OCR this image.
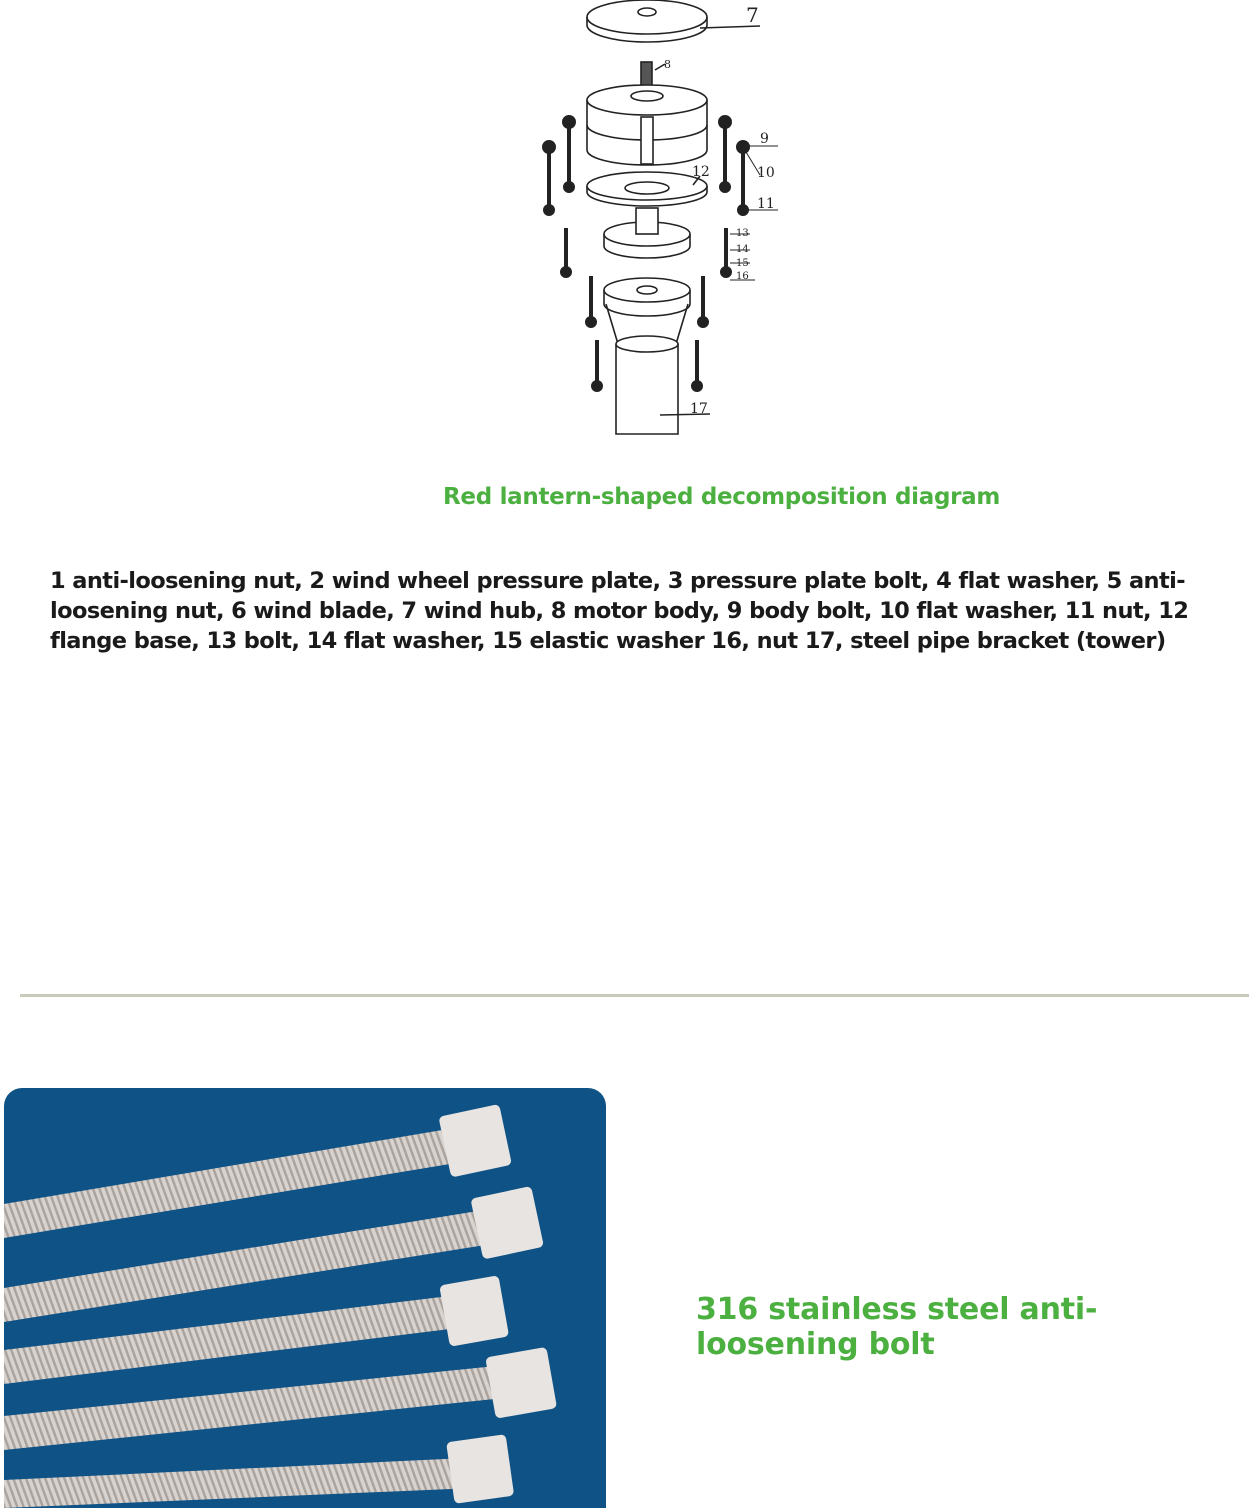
7
8
9
10
11
12
13
14
15
16
17
Red lantern-shaped decomposition diagram
1 anti-loosening nut, 2 wind wheel pressure plate, 3 pressure plate bolt, 4 flat washer, 5 anti-loosening nut, 6 wind blade, 7 wind hub, 8 motor body, 9 body bolt, 10 flat washer, 11 nut, 12 flange base, 13 bolt, 14 flat washer, 15 elastic washer 16, nut 17, steel pipe bracket (tower)
316 stainless steel anti-loosening bolt
